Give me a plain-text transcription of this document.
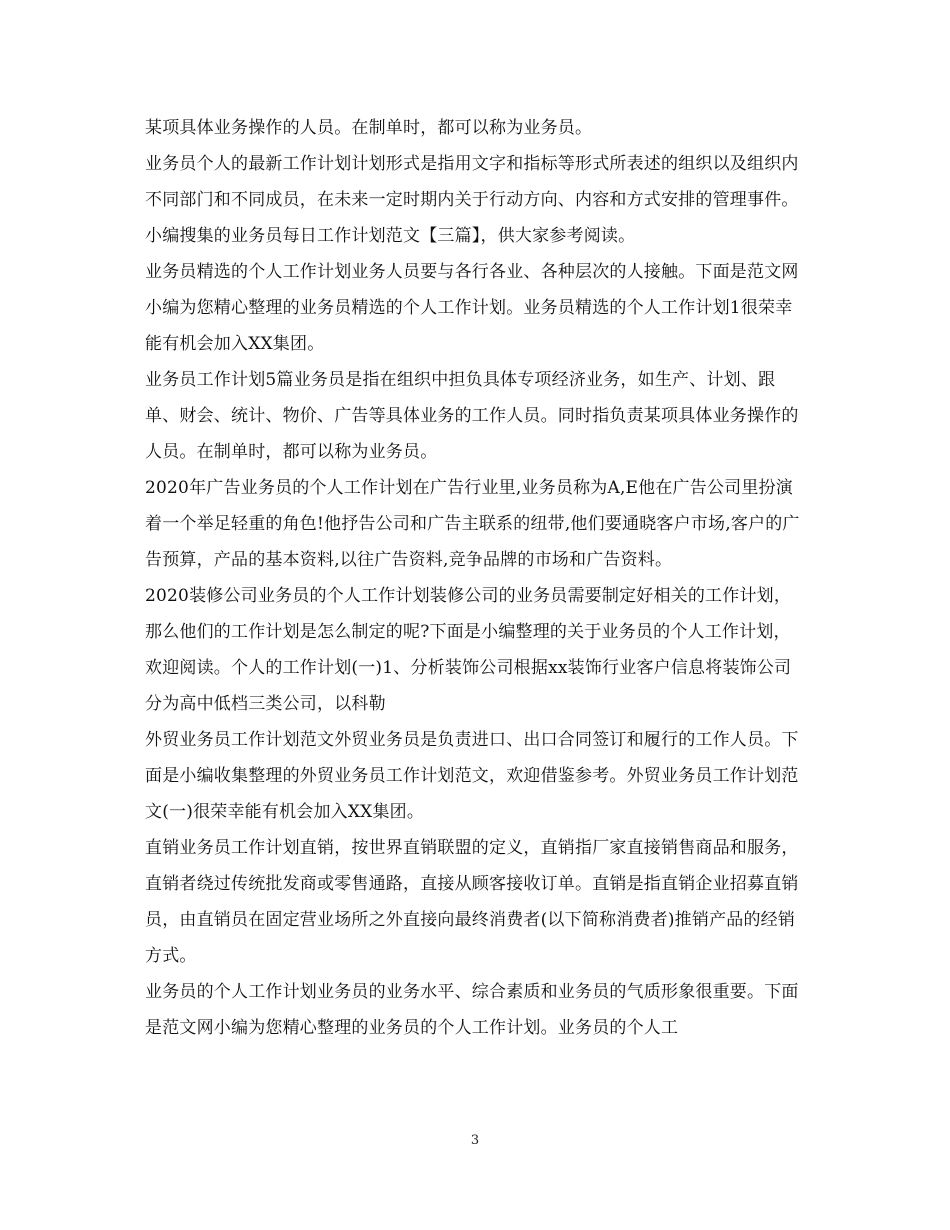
某项具体业务操作的人员。在制单时，都可以称为业务员。

业务员个人的最新工作计划计划形式是指用文字和指标等形式所表述的组织以及组织内不同部门和不同成员，在未来一定时期内关于行动方向、内容和方式安排的管理事件。小编搜集的业务员每日工作计划范文【三篇】，供大家参考阅读。

业务员精选的个人工作计划业务人员要与各行各业、各种层次的人接触。下面是范文网小编为您精心整理的业务员精选的个人工作计划。业务员精选的个人工作计划1很荣幸能有机会加入XX集团。

业务员工作计划5篇业务员是指在组织中担负具体专项经济业务，如生产、计划、跟单、财会、统计、物价、广告等具体业务的工作人员。同时指负责某项具体业务操作的人员。在制单时，都可以称为业务员。

2020年广告业务员的个人工作计划在广告行业里,业务员称为A,E他在广告公司里扮演着一个举足轻重的角色!他抒告公司和广告主联系的纽带,他们要通晓客户市场,客户的广告预算，产品的基本资料,以往广告资料,竞争品牌的市场和广告资料。

2020装修公司业务员的个人工作计划装修公司的业务员需要制定好相关的工作计划，那么他们的工作计划是怎么制定的呢?下面是小编整理的关于业务员的个人工作计划，欢迎阅读。个人的工作计划(一)1、分析装饰公司根据xx装饰行业客户信息将装饰公司分为高中低档三类公司，以科勒

外贸业务员工作计划范文外贸业务员是负责进口、出口合同签订和履行的工作人员。下面是小编收集整理的外贸业务员工作计划范文，欢迎借鉴参考。外贸业务员工作计划范文(一)很荣幸能有机会加入XX集团。

直销业务员工作计划直销，按世界直销联盟的定义，直销指厂家直接销售商品和服务，直销者绕过传统批发商或零售通路，直接从顾客接收订单。直销是指直销企业招募直销员，由直销员在固定营业场所之外直接向最终消费者(以下简称消费者)推销产品的经销方式。

业务员的个人工作计划业务员的业务水平、综合素质和业务员的气质形象很重要。下面是范文网小编为您精心整理的业务员的个人工作计划。业务员的个人工

3
